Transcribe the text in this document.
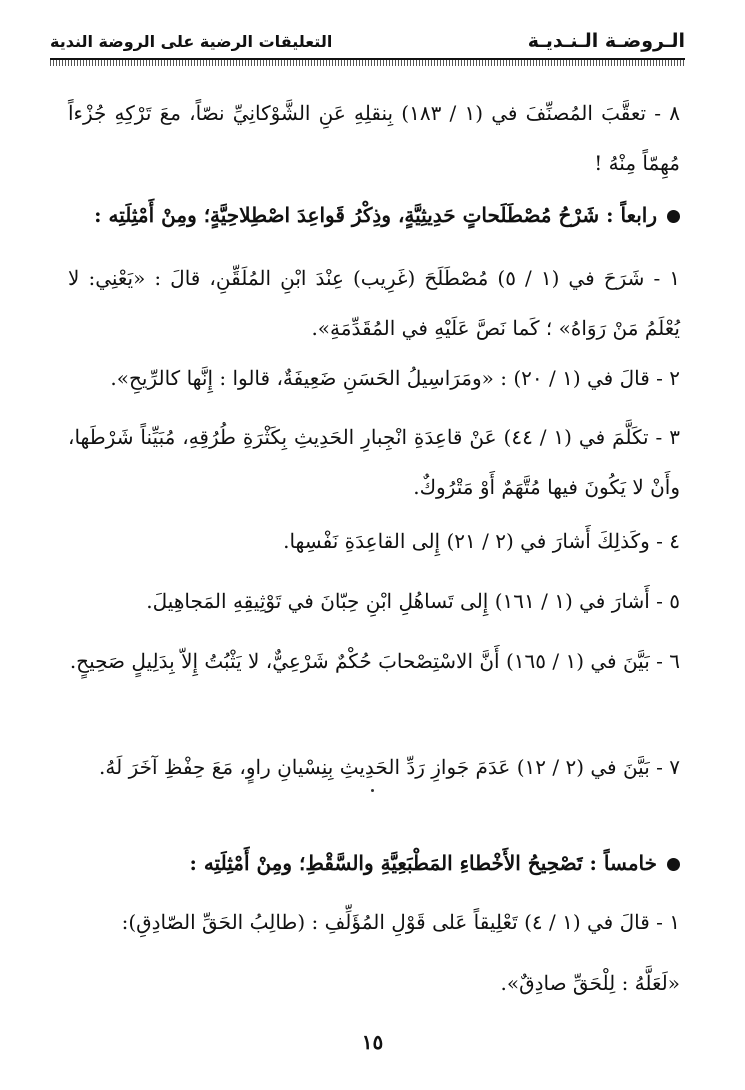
الـروضـة الـنـديـة
التعليقات الرضية على الروضة الندية
٨ - تعقَّبَ المُصنِّفَ في (١ / ١٨٣) بِنقلِهِ عَنِ الشَّوْكانِيِّ نصّاً، معَ تَرْكِهِ جُزْءاً مُهِمّاً مِنْهُ !
رابعاً : شَرْحُ مُصْطَلَحاتٍ حَدِيثِيَّةٍ، وذِكْرُ قَواعِدَ اصْطِلاحِيَّةٍ؛ ومِنْ أَمْثِلَتِه :
١ - شَرَحَ في (١ / ٥) مُصْطَلَحَ (غَرِيب) عِنْدَ ابْنِ المُلَقِّنِ، قالَ : «يَعْنِي: لا يُعْلَمُ مَنْ رَوَاهُ» ؛ كَما نَصَّ عَلَيْهِ في المُقَدِّمَةِ».
٢ - قالَ في (١ / ٢٠) : «ومَرَاسِيلُ الحَسَنِ ضَعِيفَةٌ، قالوا : إِنَّها كالرِّيحِ».
٣ - تكَلَّمَ في (١ / ٤٤) عَنْ قاعِدَةِ انْجِبارِ الحَدِيثِ بِكَثْرَةِ طُرُقِهِ، مُبَيِّناً شَرْطَها، وأَنْ لا يَكُونَ فيها مُتَّهَمٌ أَوْ مَتْرُوكٌ.
٤ - وكَذلِكَ أَشارَ في (٢ / ٢١) إِلى القاعِدَةِ نَفْسِها.
٥ - أَشارَ في (١ / ١٦١) إِلى تَساهُلِ ابْنِ حِبّانَ في تَوْثِيقِهِ المَجاهِيلَ.
٦ - بَيَّنَ في (١ / ١٦٥) أَنَّ الاسْتِصْحابَ حُكْمٌ شَرْعِيٌّ، لا يَثْبُتُ إِلاّ بِدَلِيلٍ صَحِيحٍ.
٧ - بَيَّنَ في (٢ / ١٢) عَدَمَ جَوازِ رَدِّ الحَدِيثِ بِنِسْيانِ راوٍ، مَعَ حِفْظِ آخَرَ لَهُ.
خامساً : تَصْحِيحُ الأَخْطاءِ المَطْبَعِيَّةِ والسَّقْطِ؛ ومِنْ أَمْثِلَتِه :
١ - قالَ في (١ / ٤) تَعْلِيقاً عَلى قَوْلِ المُؤَلِّفِ : (طالِبُ الحَقِّ الصّادِقِ):
«لَعَلَّهُ : لِلْحَقِّ صادِقٌ».
١٥
